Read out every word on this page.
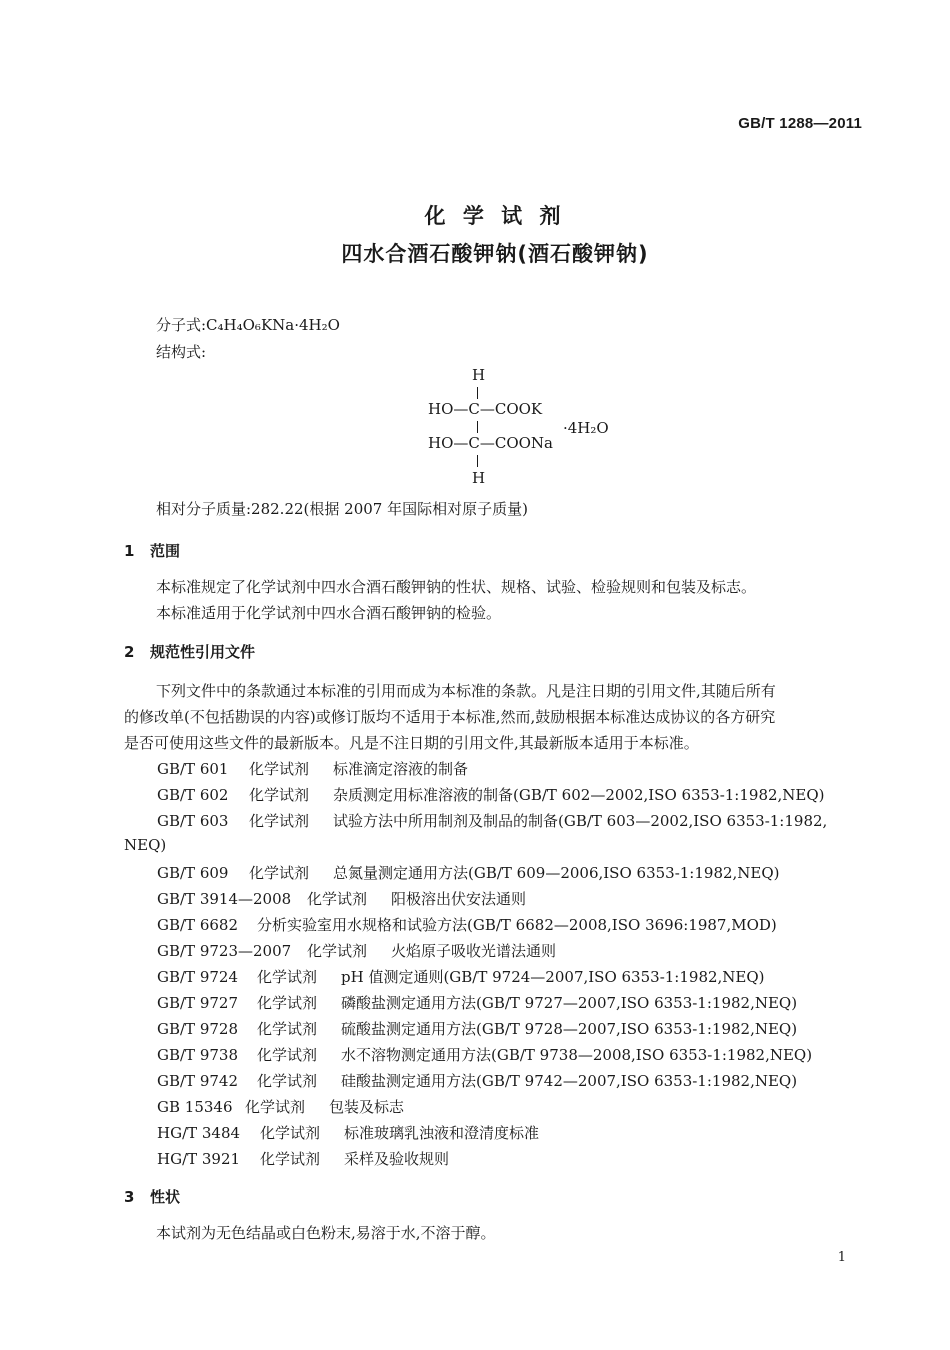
GB/T 1288—2011
化 学 试 剂
四水合酒石酸钾钠(酒石酸钾钠)
分子式:C₄H₄O₆KNa·4H₂O
结构式:
H
HO—C—COOK
HO—C—COONa
H
·4H₂O
相对分子质量:282.22(根据 2007 年国际相对原子质量)
1 范围
本标准规定了化学试剂中四水合酒石酸钾钠的性状、规格、试验、检验规则和包装及标志。
本标准适用于化学试剂中四水合酒石酸钾钠的检验。
2 规范性引用文件
下列文件中的条款通过本标准的引用而成为本标准的条款。凡是注日期的引用文件,其随后所有
的修改单(不包括勘误的内容)或修订版均不适用于本标准,然而,鼓励根据本标准达成协议的各方研究
是否可使用这些文件的最新版本。凡是不注日期的引用文件,其最新版本适用于本标准。
GB/T 601 化学试剂 标准滴定溶液的制备
GB/T 602 化学试剂 杂质测定用标准溶液的制备(GB/T 602—2002,ISO 6353-1:1982,NEQ)
GB/T 603 化学试剂 试验方法中所用制剂及制品的制备(GB/T 603—2002,ISO 6353-1:1982,
NEQ)
GB/T 609 化学试剂 总氮量测定通用方法(GB/T 609—2006,ISO 6353-1:1982,NEQ)
GB/T 3914—2008 化学试剂 阳极溶出伏安法通则
GB/T 6682 分析实验室用水规格和试验方法(GB/T 6682—2008,ISO 3696:1987,MOD)
GB/T 9723—2007 化学试剂 火焰原子吸收光谱法通则
GB/T 9724 化学试剂 pH 值测定通则(GB/T 9724—2007,ISO 6353-1:1982,NEQ)
GB/T 9727 化学试剂 磷酸盐测定通用方法(GB/T 9727—2007,ISO 6353-1:1982,NEQ)
GB/T 9728 化学试剂 硫酸盐测定通用方法(GB/T 9728—2007,ISO 6353-1:1982,NEQ)
GB/T 9738 化学试剂 水不溶物测定通用方法(GB/T 9738—2008,ISO 6353-1:1982,NEQ)
GB/T 9742 化学试剂 硅酸盐测定通用方法(GB/T 9742—2007,ISO 6353-1:1982,NEQ)
GB 15346 化学试剂 包装及标志
HG/T 3484 化学试剂 标准玻璃乳浊液和澄清度标准
HG/T 3921 化学试剂 采样及验收规则
3 性状
本试剂为无色结晶或白色粉末,易溶于水,不溶于醇。
1
